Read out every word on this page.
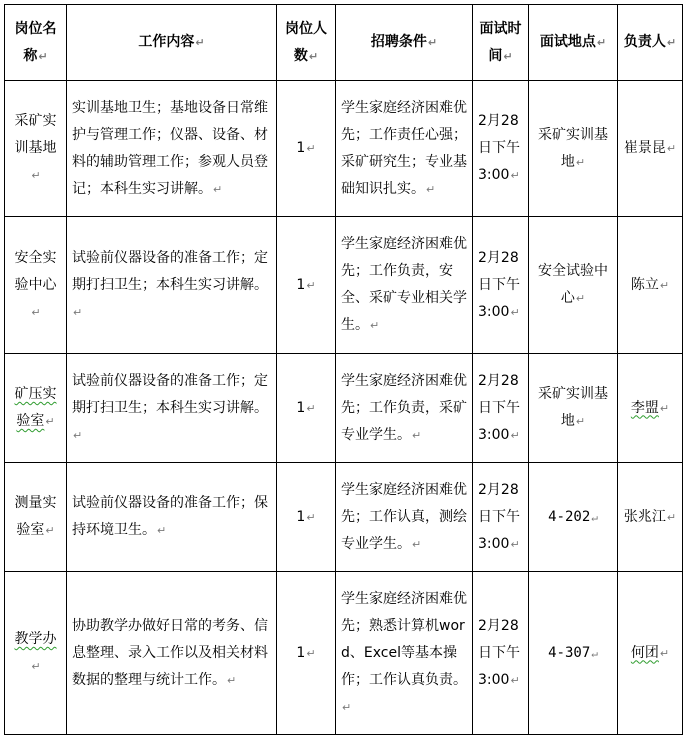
岗位名称↵	工作内容↵	岗位人数↵	招聘条件↵	面试时间↵	面试地点↵	负责人↵
采矿实训基地↵	实训基地卫生；基地设备日常维护与管理工作；仪器、设备、材料的辅助管理工作；参观人员登记；本科生实习讲解。↵	1↵	学生家庭经济困难优先；工作责任心强；采矿研究生；专业基础知识扎实。↵	2月28日下午3:00↵	采矿实训基地↵	崔景昆↵
安全实验中心↵	试验前仪器设备的准备工作；定期打扫卫生；本科生实习讲解。↵	1↵	学生家庭经济困难优先；工作负责，安全、采矿专业相关学生。↵	2月28日下午3:00↵	安全试验中心↵	陈立↵
矿压实验室↵	试验前仪器设备的准备工作；定期打扫卫生；本科生实习讲解。↵	1↵	学生家庭经济困难优先；工作负责，采矿专业学生。↵	2月28日下午3:00↵	采矿实训基地↵	李盟↵
测量实验室↵	试验前仪器设备的准备工作；保持环境卫生。↵	1↵	学生家庭经济困难优先；工作认真，测绘专业学生。↵	2月28日下午3:00↵	4-202↵	张兆江↵
教学办↵	协助教学办做好日常的考务、信息整理、录入工作以及相关材料数据的整理与统计工作。↵	1↵	学生家庭经济困难优先；熟悉计算机word、Excel等基本操作；工作认真负责。↵	2月28日下午3:00↵	4-307↵	何团↵
